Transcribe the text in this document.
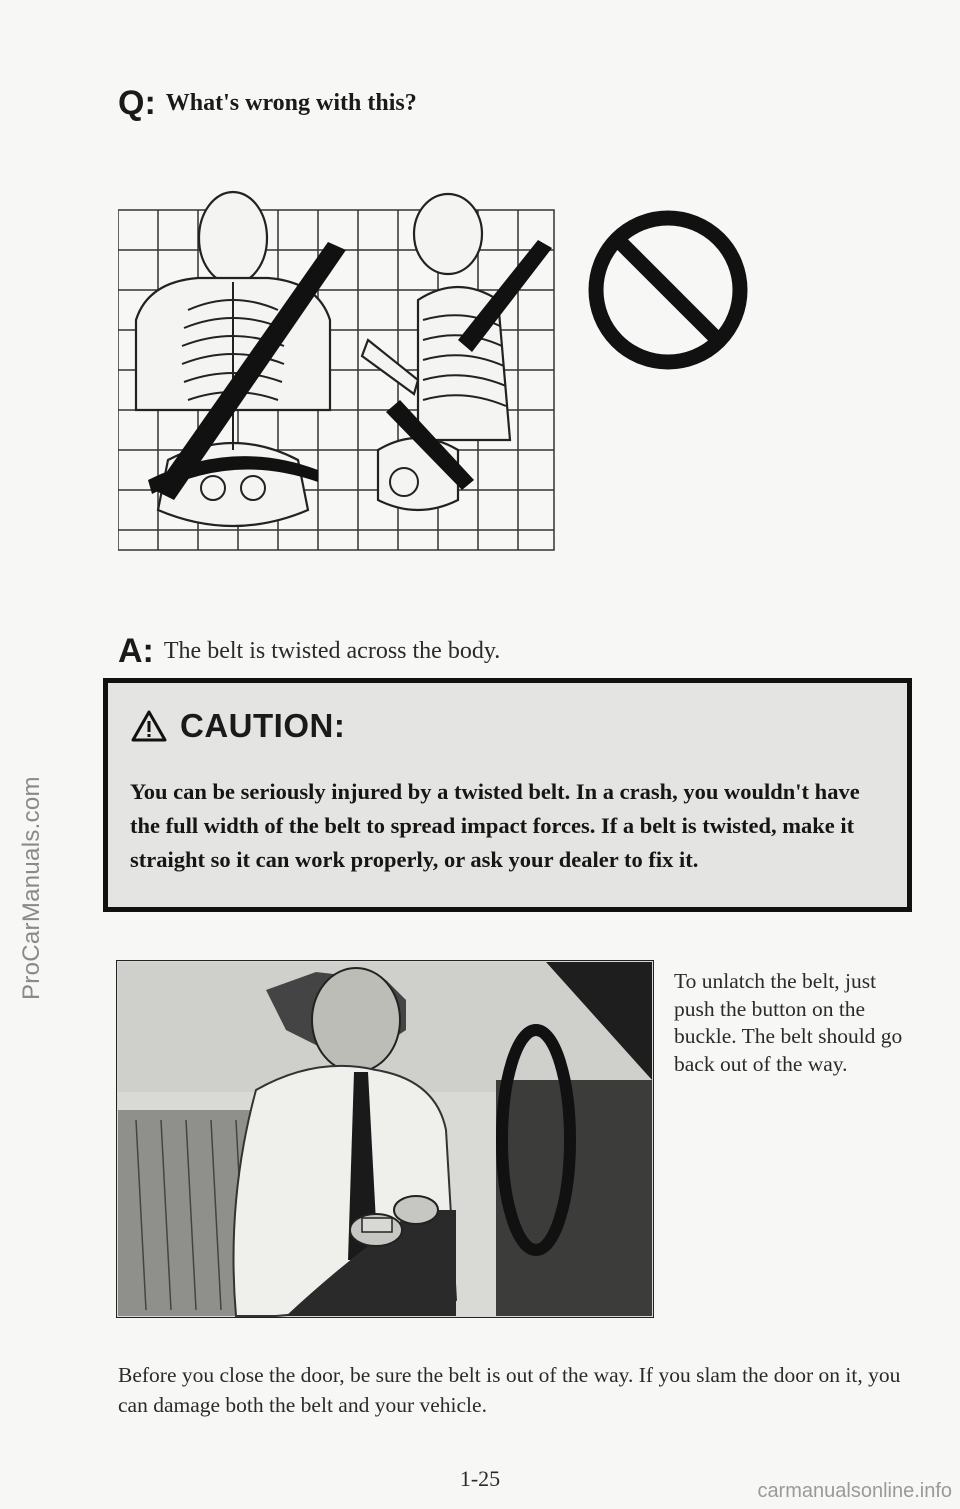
ProCarManuals.com
Q: What's wrong with this?
A: The belt is twisted across the body.
CAUTION:
You can be seriously injured by a twisted belt. In a crash, you wouldn't have the full width of the belt to spread impact forces. If a belt is twisted, make it straight so it can work properly, or ask your dealer to fix it.
To unlatch the belt, just push the button on the buckle. The belt should go back out of the way.
Before you close the door, be sure the belt is out of the way. If you slam the door on it, you can damage both the belt and your vehicle.
1-25	carmanualsonline.info
